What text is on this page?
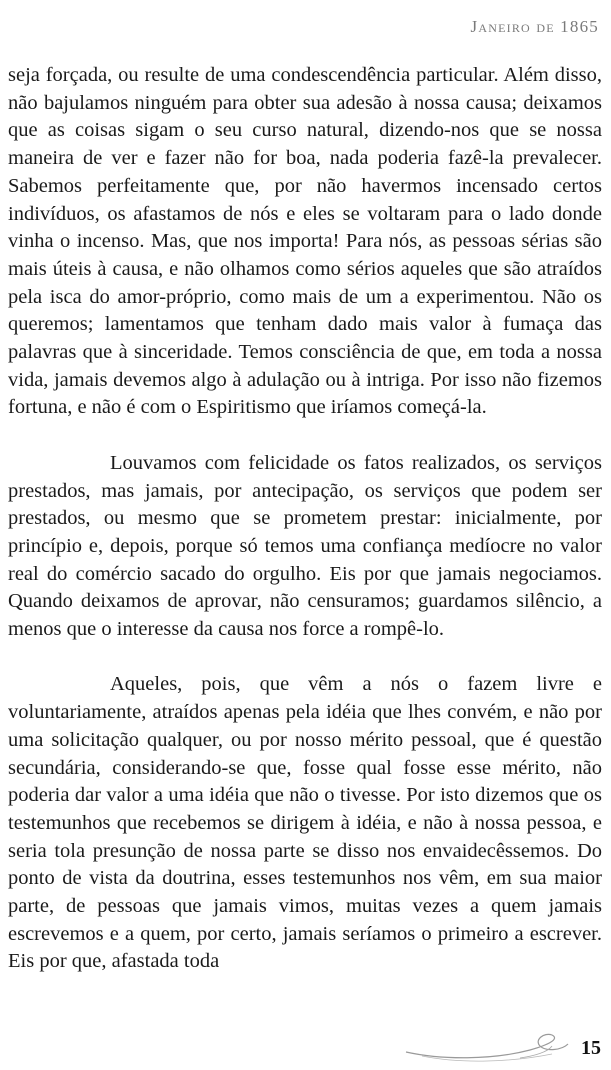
Janeiro de 1865

seja forçada, ou resulte de uma condescendência particular. Além disso, não bajulamos ninguém para obter sua adesão à nossa causa; deixamos que as coisas sigam o seu curso natural, dizendo-nos que se nossa maneira de ver e fazer não for boa, nada poderia fazê-la prevalecer. Sabemos perfeitamente que, por não havermos incensado certos indivíduos, os afastamos de nós e eles se voltaram para o lado donde vinha o incenso. Mas, que nos importa! Para nós, as pessoas sérias são mais úteis à causa, e não olhamos como sérios aqueles que são atraídos pela isca do amor-próprio, como mais de um a experimentou. Não os queremos; lamentamos que tenham dado mais valor à fumaça das palavras que à sinceridade. Temos consciência de que, em toda a nossa vida, jamais devemos algo à adulação ou à intriga. Por isso não fizemos fortuna, e não é com o Espiritismo que iríamos começá-la.

Louvamos com felicidade os fatos realizados, os serviços prestados, mas jamais, por antecipação, os serviços que podem ser prestados, ou mesmo que se prometem prestar: inicialmente, por princípio e, depois, porque só temos uma confiança medíocre no valor real do comércio sacado do orgulho. Eis por que jamais negociamos. Quando deixamos de aprovar, não censuramos; guardamos silêncio, a menos que o interesse da causa nos force a rompê-lo.

Aqueles, pois, que vêm a nós o fazem livre e voluntariamente, atraídos apenas pela idéia que lhes convém, e não por uma solicitação qualquer, ou por nosso mérito pessoal, que é questão secundária, considerando-se que, fosse qual fosse esse mérito, não poderia dar valor a uma idéia que não o tivesse. Por isto dizemos que os testemunhos que recebemos se dirigem à idéia, e não à nossa pessoa, e seria tola presunção de nossa parte se disso nos envaidecêssemos. Do ponto de vista da doutrina, esses testemunhos nos vêm, em sua maior parte, de pessoas que jamais vimos, muitas vezes a quem jamais escrevemos e a quem, por certo, jamais seríamos o primeiro a escrever. Eis por que, afastada toda

15
